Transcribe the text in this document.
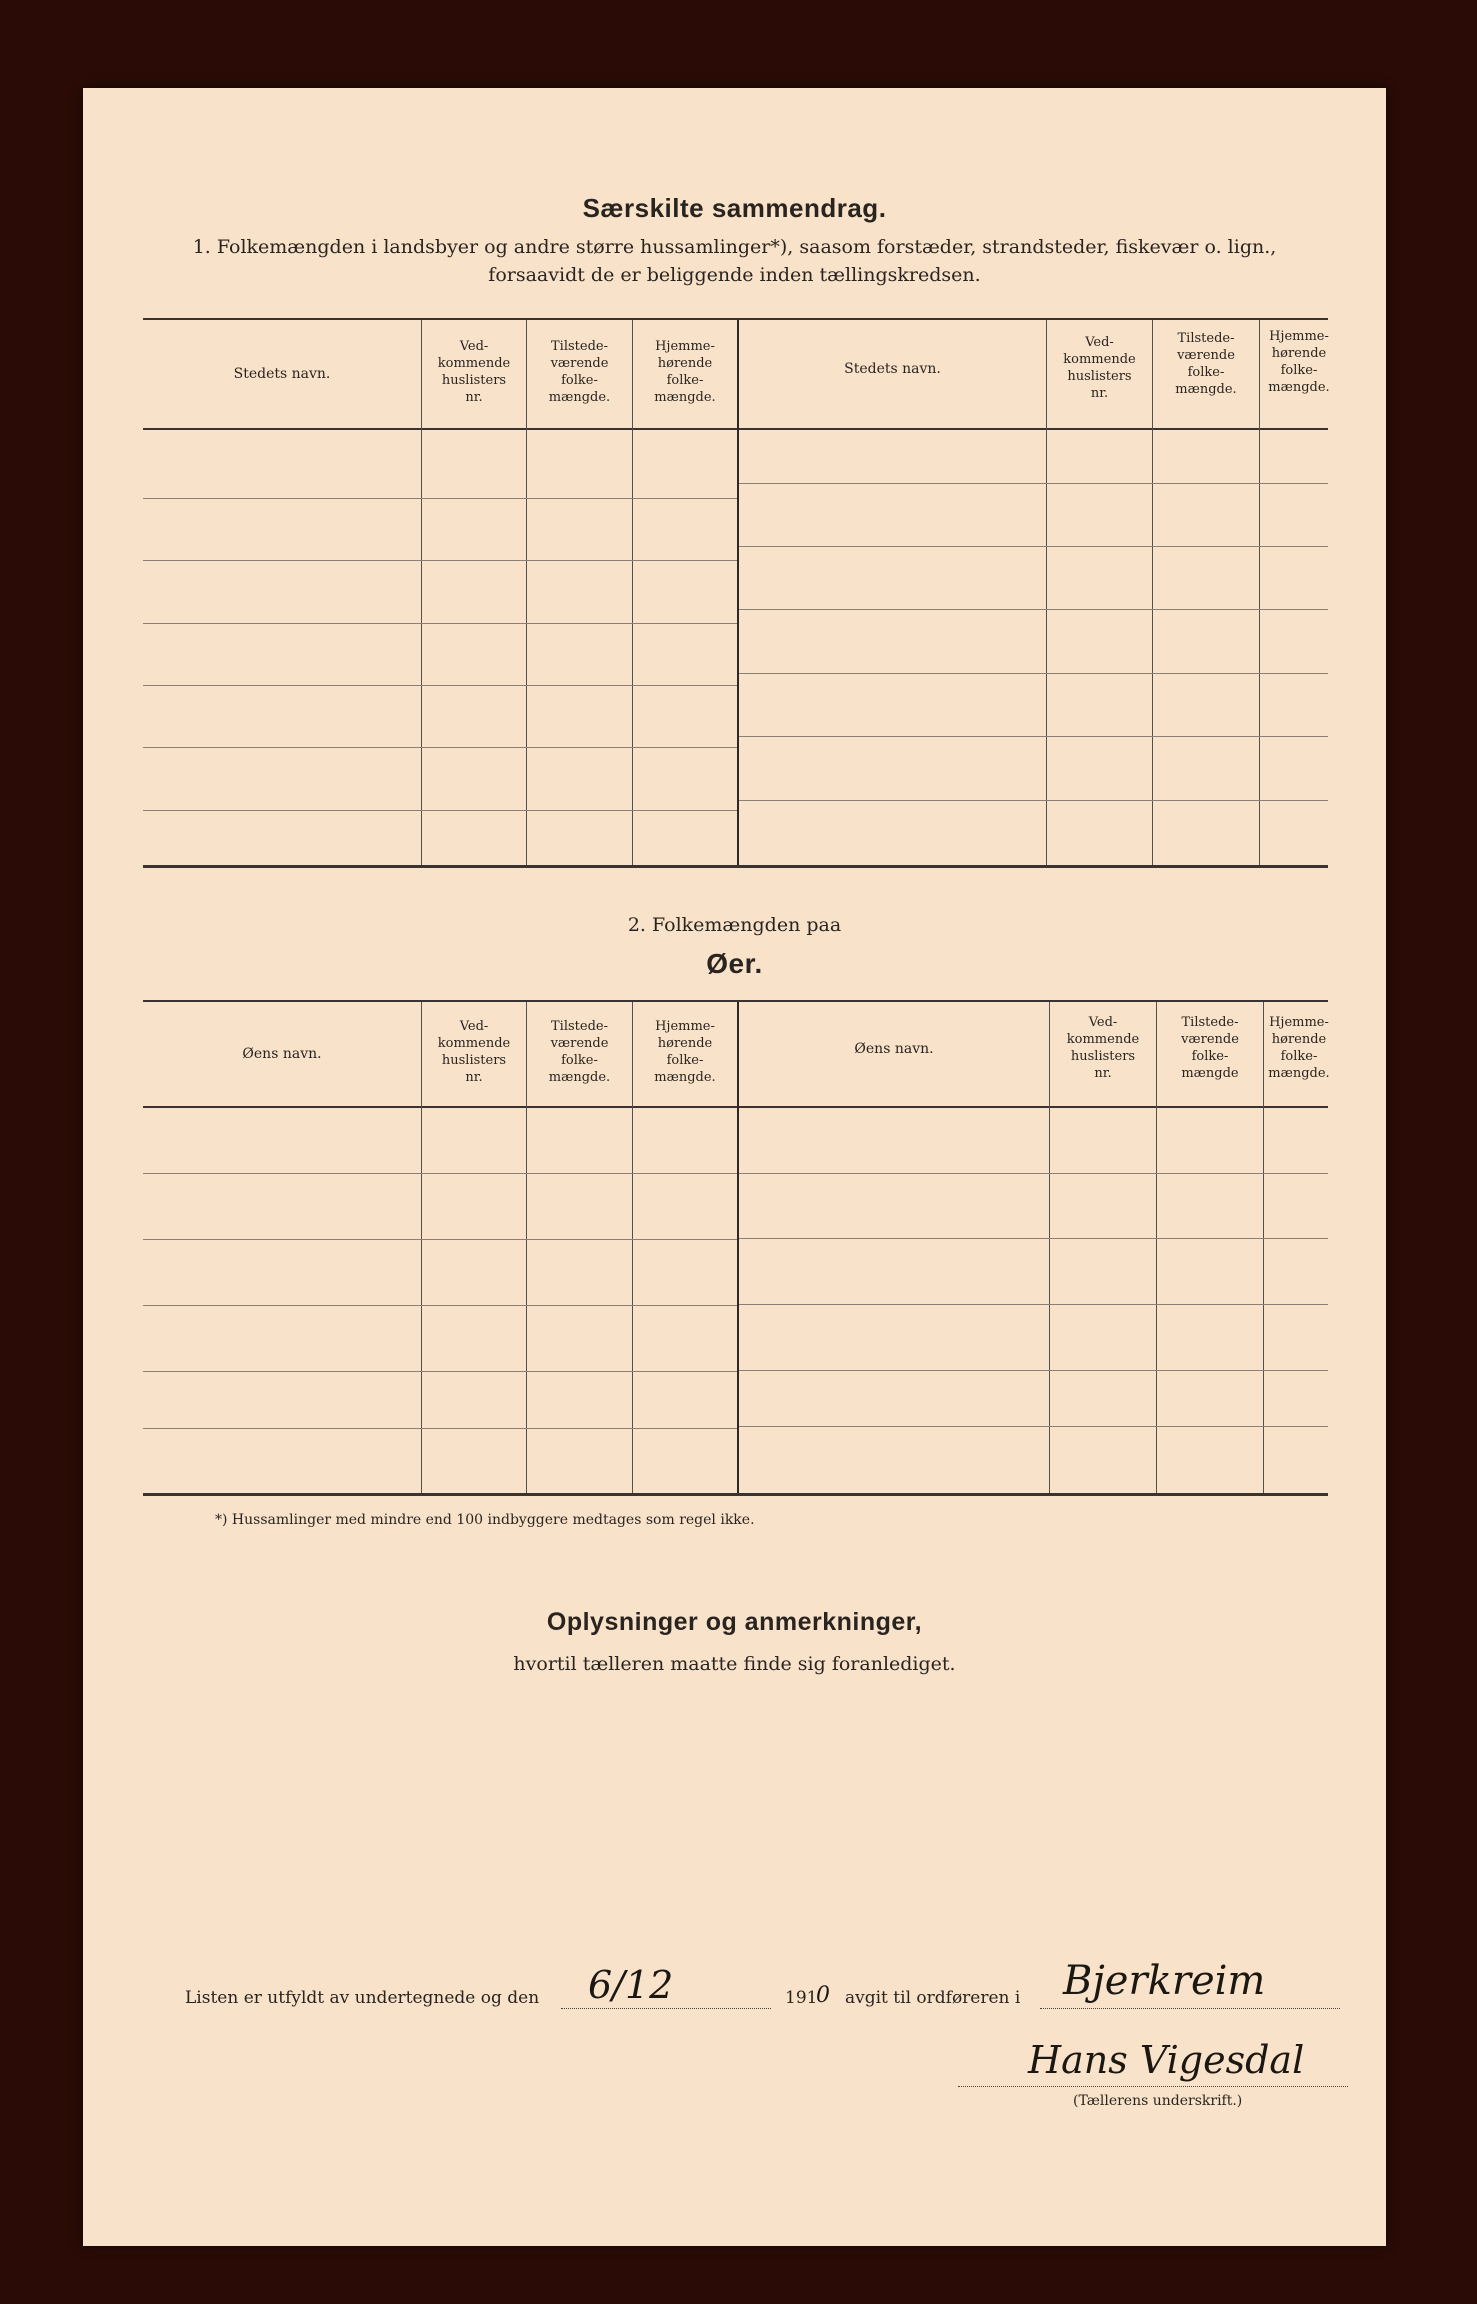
Særskilte sammendrag.
1. Folkemængden i landsbyer og andre større hussamlinger*), saasom forstæder, strandsteder, fiskevær o. lign.,
forsaavidt de er beliggende inden tællingskredsen.
Stedets navn.
Ved-
kommende
huslisters
nr.
Tilstede-
værende
folke-
mængde.
Hjemme-
hørende
folke-
mængde.
Stedets navn.
Ved-
kommende
huslisters
nr.
Tilstede-
værende
folke-
mængde.
Hjemme-
hørende
folke-
mængde.
2. Folkemængden paa
Øer.
Øens navn.
Ved-
kommende
huslisters
nr.
Tilstede-
værende
folke-
mængde.
Hjemme-
hørende
folke-
mængde.
Øens navn.
Ved-
kommende
huslisters
nr.
Tilstede-
værende
folke-
mængde
Hjemme-
hørende
folke-
mængde.
*) Hussamlinger med mindre end 100 indbyggere medtages som regel ikke.
Oplysninger og anmerkninger,
hvortil tælleren maatte finde sig foranlediget.
Listen er utfyldt av undertegnede og den 6/12	191
0 avgit til ordføreren i Bjerkreim
Hans Vigesdal
(Tællerens underskrift.)
